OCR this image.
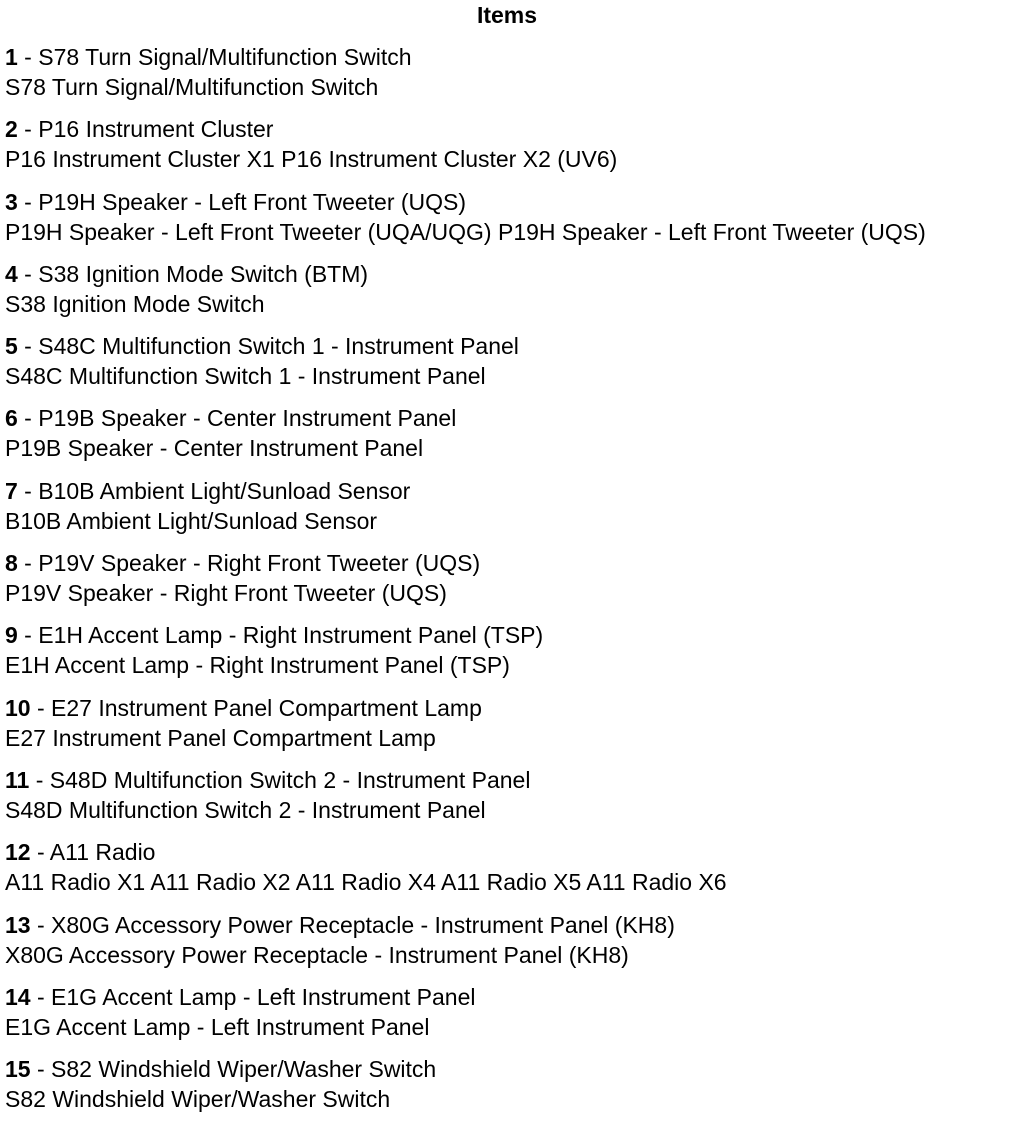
Items
1 - S78 Turn Signal/Multifunction Switch
S78 Turn Signal/Multifunction Switch
2 - P16 Instrument Cluster
P16 Instrument Cluster X1 P16 Instrument Cluster X2 (UV6)
3 - P19H Speaker - Left Front Tweeter (UQS)
P19H Speaker - Left Front Tweeter (UQA/UQG) P19H Speaker - Left Front Tweeter (UQS)
4 - S38 Ignition Mode Switch (BTM)
S38 Ignition Mode Switch
5 - S48C Multifunction Switch 1 - Instrument Panel
S48C Multifunction Switch 1 - Instrument Panel
6 - P19B Speaker - Center Instrument Panel
P19B Speaker - Center Instrument Panel
7 - B10B Ambient Light/Sunload Sensor
B10B Ambient Light/Sunload Sensor
8 - P19V Speaker - Right Front Tweeter (UQS)
P19V Speaker - Right Front Tweeter (UQS)
9 - E1H Accent Lamp - Right Instrument Panel (TSP)
E1H Accent Lamp - Right Instrument Panel (TSP)
10 - E27 Instrument Panel Compartment Lamp
E27 Instrument Panel Compartment Lamp
11 - S48D Multifunction Switch 2 - Instrument Panel
S48D Multifunction Switch 2 - Instrument Panel
12 - A11 Radio
A11 Radio X1 A11 Radio X2 A11 Radio X4 A11 Radio X5 A11 Radio X6
13 - X80G Accessory Power Receptacle - Instrument Panel (KH8)
X80G Accessory Power Receptacle - Instrument Panel (KH8)
14 - E1G Accent Lamp - Left Instrument Panel
E1G Accent Lamp - Left Instrument Panel
15 - S82 Windshield Wiper/Washer Switch
S82 Windshield Wiper/Washer Switch
